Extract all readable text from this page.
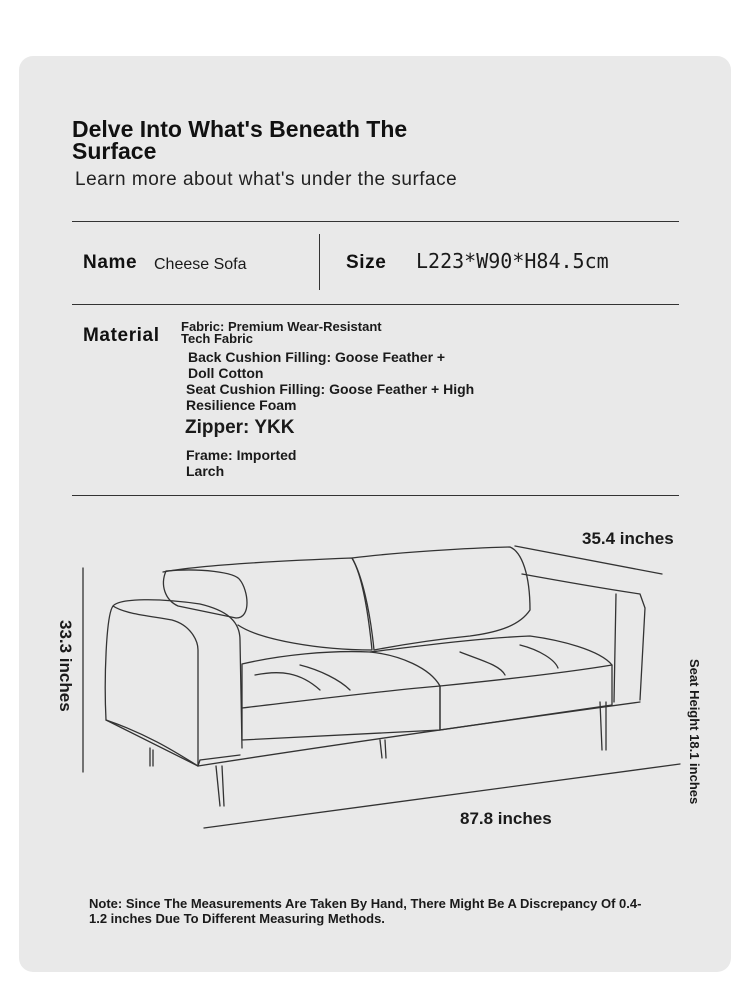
Delve Into What's Beneath The Surface
Learn more about what's under the surface
Name Cheese Sofa	Size L223*W90*H84.5cm
Material Fabric: Premium Wear-Resistant Tech Fabric
Back Cushion Filling: Goose Feather + Doll Cotton
Seat Cushion Filling: Goose Feather + High Resilience Foam
Zipper: YKK
Frame: Imported Larch
35.4 inches
87.8 inches
33.3 inches	Seat Height 18.1 inches
Note: Since The Measurements Are Taken By Hand, There Might Be A Discrepancy Of 0.4-1.2 inches Due To Different Measuring Methods.
